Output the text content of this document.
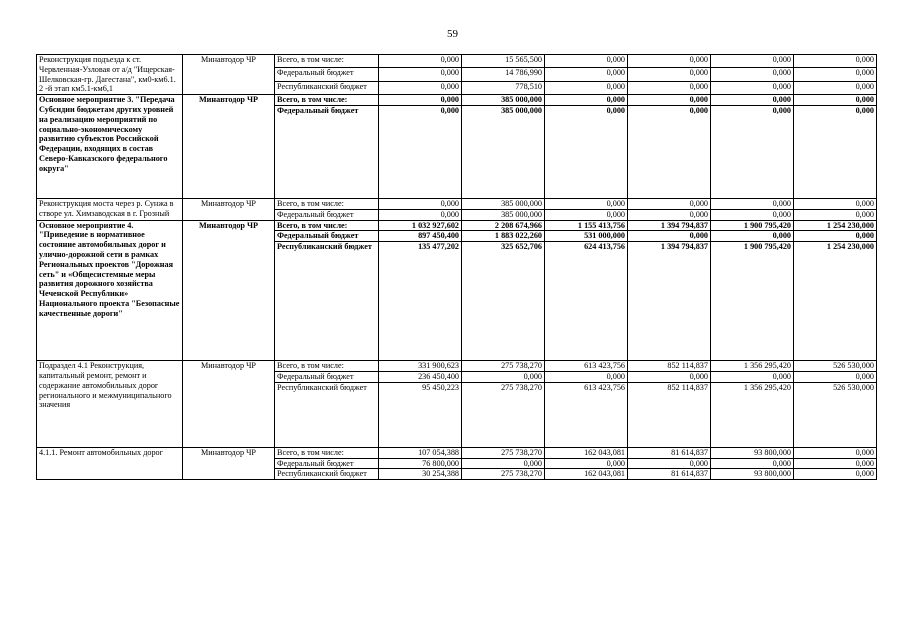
59
Реконструкция подъезда к ст. Червленная-Узловая от а/д "Ищерская-Шелковская-гр. Дагестана", км0-км6.1. 2 -й этап км5.1-км6,1	Минавтодор ЧР	Всего, в том числе:	0,000	15 565,500	0,000	0,000	0,000	0,000
		Федеральный бюджет	0,000	14 786,990	0,000	0,000	0,000	0,000
		Республиканский бюджет	0,000	778,510	0,000	0,000	0,000	0,000
Основное мероприятие 3. "Передача Субсидии бюджетам других уровней на реализацию мероприятий по социально-экономическому развитию субъектов Российской Федерации, входящих в состав Северо-Кавказского федерального округа"	Минавтодор ЧР	Всего, в том числе:	0,000	385 000,000	0,000	0,000	0,000	0,000
		Федеральный бюджет	0,000	385 000,000	0,000	0,000	0,000	0,000
Реконструкция моста через р. Сунжа в створе ул. Химзаводская в г. Грозный	Минавтодор ЧР	Всего, в том числе:	0,000	385 000,000	0,000	0,000	0,000	0,000
		Федеральный бюджет	0,000	385 000,000	0,000	0,000	0,000	0,000
Основное мероприятие 4. "Приведение в нормативное состояние автомобильных дорог и улично-дорожной сети в рамках Региональных проектов "Дорожная сеть" и «Общесистемные меры развития дорожного хозяйства Чеченской Республики» Национального проекта "Безопасные качественные дороги"	Минавтодор ЧР	Всего, в том числе:	1 032 927,602	2 208 674,966	1 155 413,756	1 394 794,837	1 900 795,420	1 254 230,000
		Федеральный бюджет	897 450,400	1 883 022,260	531 000,000	0,000	0,000	0,000
		Республиканский бюджет	135 477,202	325 652,706	624 413,756	1 394 794,837	1 900 795,420	1 254 230,000
Подраздел 4.1 Реконструкция, капитальный ремонт, ремонт и содержание автомобильных дорог регионального и межмуниципального значения	Минавтодор ЧР	Всего, в том числе:	331 900,623	275 738,270	613 423,756	852 114,837	1 356 295,420	526 530,000
		Федеральный бюджет	236 450,400	0,000	0,000	0,000	0,000	0,000
		Республиканский бюджет	95 450,223	275 738,270	613 423,756	852 114,837	1 356 295,420	526 530,000
4.1.1. Ремонт автомобильных дорог	Минавтодор ЧР	Всего, в том числе:	107 054,388	275 738,270	162 043,081	81 614,837	93 800,000	0,000
		Федеральный бюджет	76 800,000	0,000	0,000	0,000	0,000	0,000
		Республиканский бюджет	30 254,388	275 738,270	162 043,081	81 614,837	93 800,000	0,000
